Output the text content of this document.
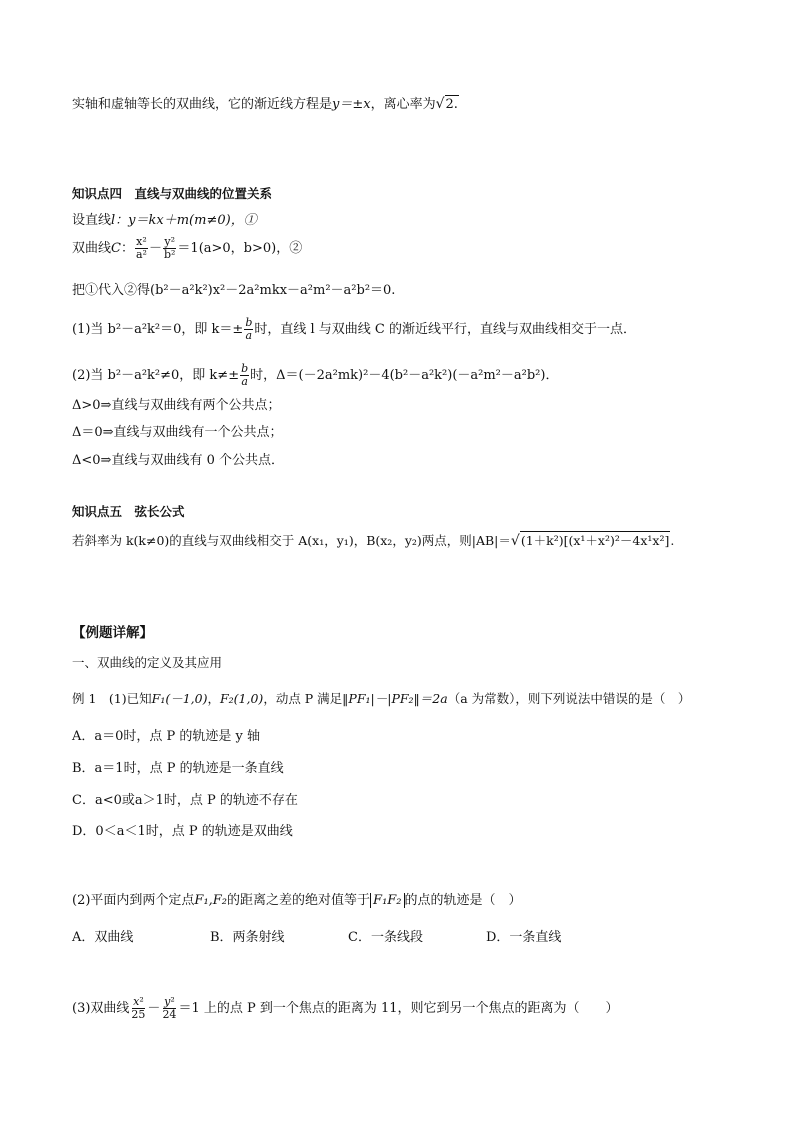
实轴和虚轴等长的双曲线，它的渐近线方程是y＝±x，离心率为√2.
知识点四　直线与双曲线的位置关系
设直线l：y＝kx＋m(m≠0)，①
双曲线C： $\frac{\text{x²}}{\text{a²}} - \frac{\text{y²}}{\text{b²}} =1(a>0$，b>0)，②
把①代入②得(b²－a²k²)x²－2a²mkx－a²m²－a²b²＝0.
(1)当 b²－a²k²＝0，即 $k=\pm \frac{b}{a}$ 时，直线 l 与双曲线 C 的渐近线平行，直线与双曲线相交于一点．
(2)当 b²－a²k²≠0，即 $k\ne\pm \frac{b}{a}$ 时，Δ＝(－2a²mk)²－4(b²－a²k²)(－a²m²－a²b²)．
Δ>0⇒直线与双曲线有两个公共点；
Δ＝0⇒直线与双曲线有一个公共点；
Δ<0⇒直线与双曲线有 0 个公共点．
知识点五　弦长公式
若斜率为 k(k≠0)的直线与双曲线相交于 A(x₁，y₁)，B(x₂，y₂)两点，则|AB|＝√(1＋k²)[(x¹＋x²)²－4x¹x²].
【例题详解】
一、双曲线的定义及其应用
例 1　(1)已知F₁(－1,0)，F₂(1,0)，动点 P 满足‖PF₁|－|PF₂‖＝2a（a 为常数），则下列说法中错误的是（　）
A．a＝0时，点 P 的轨迹是 y 轴
B．a＝1时，点 P 的轨迹是一条直线
C．a<0或a＞1时，点 P 的轨迹不存在
D．0＜a＜1时，点 P 的轨迹是双曲线
(2)平面内到两个定点F₁,F₂的距离之差的绝对值等于 F₁F₂ 的点的轨迹是（　）
A．双曲线	B．两条射线	C．一条线段	D．一条直线
(3)双曲线 $\frac{\text{x²}}{25} - \frac{\text{y²}}{24} =1$ 上的点 P 到一个焦点的距离为 11，则它到另一个焦点的距离为（　　）
